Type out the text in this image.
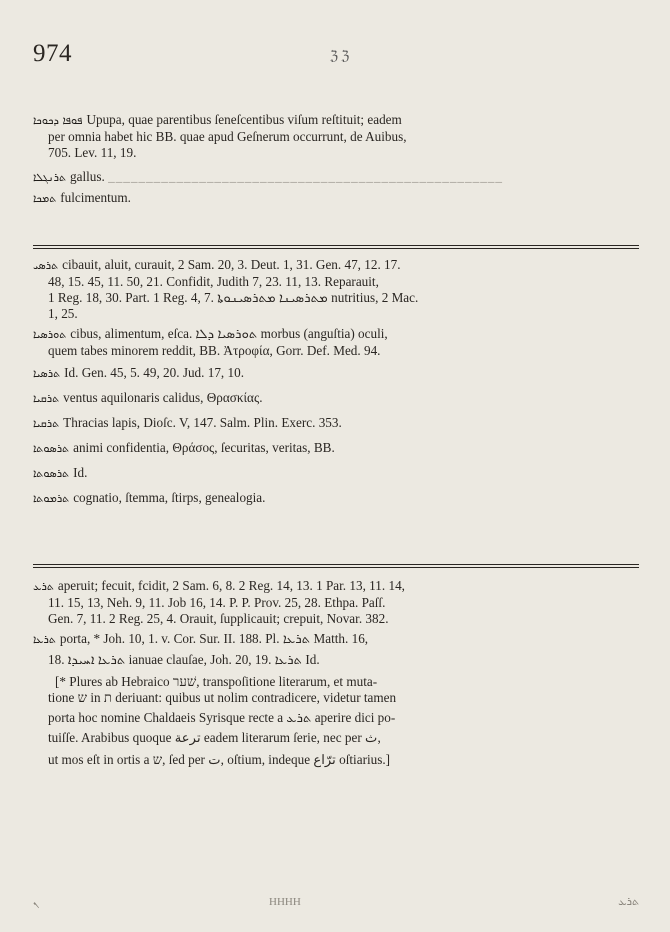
974	ℨ ℨ
ܦܘܦܐ ܕܟܘܟܐ Upupa, quae parentibus ſeneſcentibus viſum reſtituit; eadem
per omnia habet hic BB. quae apud Geſnerum occurrunt, de Auibus,
705. Lev. 11, 19.
ܬܪܢܓܠܐ gallus. ____________________________________________________
ܬܡܟܐ fulcimentum.
ܬܪܣܝ cibauit, aluit, curauit, 2 Sam. 20, 3. Deut. 1, 31. Gen. 47, 12. 17.
48, 15. 45, 11. 50, 21. Confidit, Judith 7, 23. 11, 13. Reparauit,
1 Reg. 18, 30. Part. 1 Reg. 4, 7. ܡܬܪܣܝܢܐ ܡܬܪܣܝܢܘܬܐ nutritius, 2 Mac.
1, 25.
ܬܘܪܣܝܐ cibus, alimentum, eſca. ܬܘܪܣܝܐ ܕܠܐ morbus (anguſtia) oculi,
quem tabes minorem reddit, BB. Ἀτροφία, Gorr. Def. Med. 94.
ܬܪܣܝܐ Id. Gen. 45, 5. 49, 20. Jud. 17, 10.
ܬܪܩܝܐ ventus aquilonaris calidus, Θρασκίας.
ܬܪܩܝܐ Thracias lapis, Dioſc. V, 147. Salm. Plin. Exerc. 353.
ܬܪܣܘܬܐ animi confidentia, Θράσος, ſecuritas, veritas, BB.
ܬܪܣܘܬܐ Id.
ܬܪܡܘܬܐ cognatio, ſtemma, ſtirps, genealogia.
ܬܪܥ aperuit; fecuit, fcidit, 2 Sam. 6, 8. 2 Reg. 14, 13. 1 Par. 13, 11. 14,
11. 15, 13, Neh. 9, 11. Job 16, 14. P. P. Prov. 25, 28. Ethpa. Paſſ.
Gen. 7, 11. 2 Reg. 25, 4. Orauit, ſupplicauit; crepuit, Novar. 382.
ܬܪܥܐ porta, * Joh. 10, 1. v. Cor. Sur. II. 188. Pl. ܬܪܥܐ Matth. 16,
18. ܬܪܥܐ ܐܚܝܕܐ ianuae clauſae, Joh. 20, 19. ܬܪܥܐ Id.
[* Plures ab Hebraico שׁער, transpoſitione literarum, et muta-
tione ש in ת deriuant: quibus ut nolim contradicere, videtur tamen
porta hoc nomine Chaldaeis Syrisque recte a ܬܪܥ aperire dici po-
tuiſſe. Arabibus quoque ترعة eadem literarum ſerie, nec per ث,
ut mos eſt in ortis a ש, ſed per ت, oſtium, indeque ترّاع oſtiarius.]
ܢ	HHHH	ܬܪܥ
